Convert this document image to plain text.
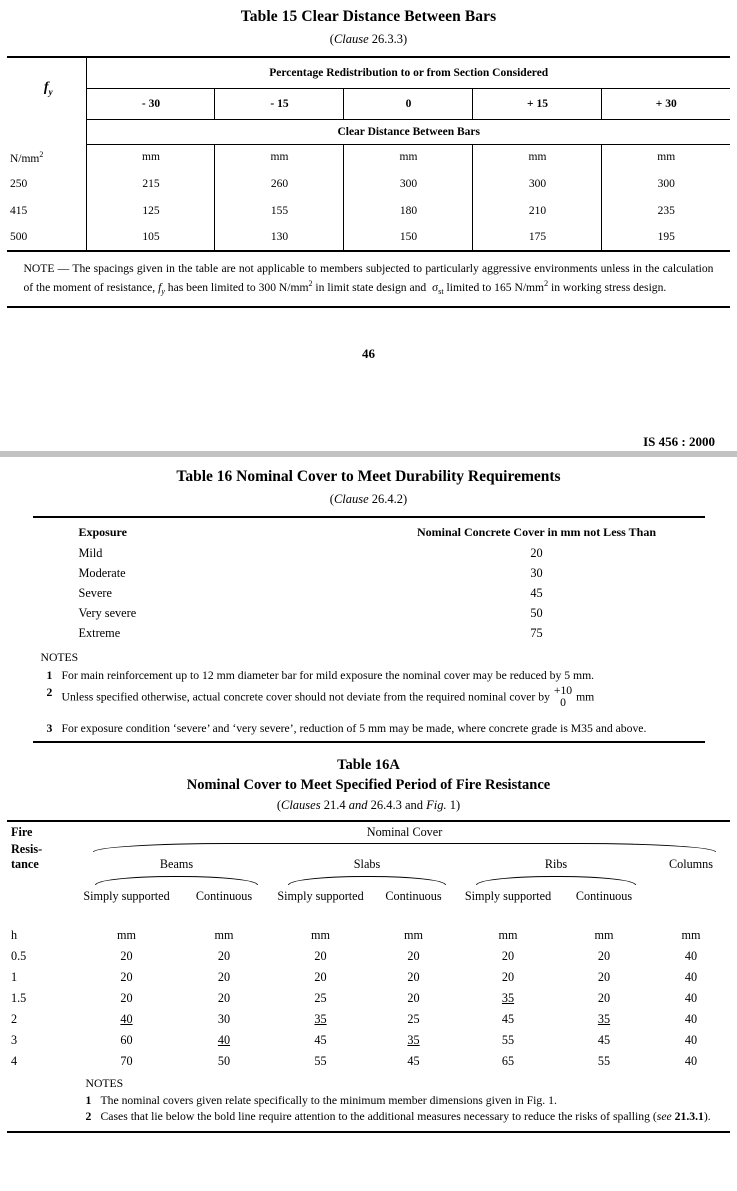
Table 15 Clear Distance Between Bars
(Clause 26.3.3)
$f_y$	Percentage Redistribution to or from Section Considered				
	- 30	- 15	0	+ 15	+ 30
	Clear Distance Between Bars				
$N/mm^2$	mm	mm	mm	mm	mm
250	215	260	300	300	300
415	125	155	180	210	235
500	105	130	150	175	195
NOTE — The spacings given in the table are not applicable to members subjected to particularly aggressive environments unless in the calculation of the moment of resistance, $f_y$ has been limited to 300 $N/mm^2$ in limit state design and $\sigma_{st}$ limited to 165 $N/mm^2$ in working stress design.
46
IS 456 : 2000
Table 16 Nominal Cover to Meet Durability Requirements
(Clause 26.4.2)
Exposure	Nominal Concrete Cover in mm not Less Than
Mild	20
Moderate	30
Severe	45
Very severe	50
Extreme	75
NOTES
1 For main reinforcement up to 12 mm diameter bar for mild exposure the nominal cover may be reduced by 5 mm.
2 Unless specified otherwise, actual concrete cover should not deviate from the required nominal cover by
+10
0 mm
3 For exposure condition ‘severe’ and ‘very severe’, reduction of 5 mm may be made, where concrete grade is M35 and above.
Table 16A
Nominal Cover to Meet Specified Period of Fire Resistance
(Clauses 21.4 and 26.4.3 and Fig. 1)
Fire	Nominal Cover						
Resis-							

tance	Beams		Slabs		Ribs		Columns

	Simply supported	Continuous	Simply supported	Continuous	Simply supported	Continuous	
h	mm	mm	mm	mm	mm	mm	mm
0.5	20	20	20	20	20	20	40
1	20	20	20	20	20	20	40
1.5	20	20	25	20	35	20	40
2	40	30	35	25	45	35	40
3	60	40	45	35	55	45	40
4	70	50	55	45	65	55	40
NOTES
1 The nominal covers given relate specifically to the minimum member dimensions given in Fig. 1.
2 Cases that lie below the bold line require attention to the additional measures necessary to reduce the risks of spalling (see 21.3.1).
